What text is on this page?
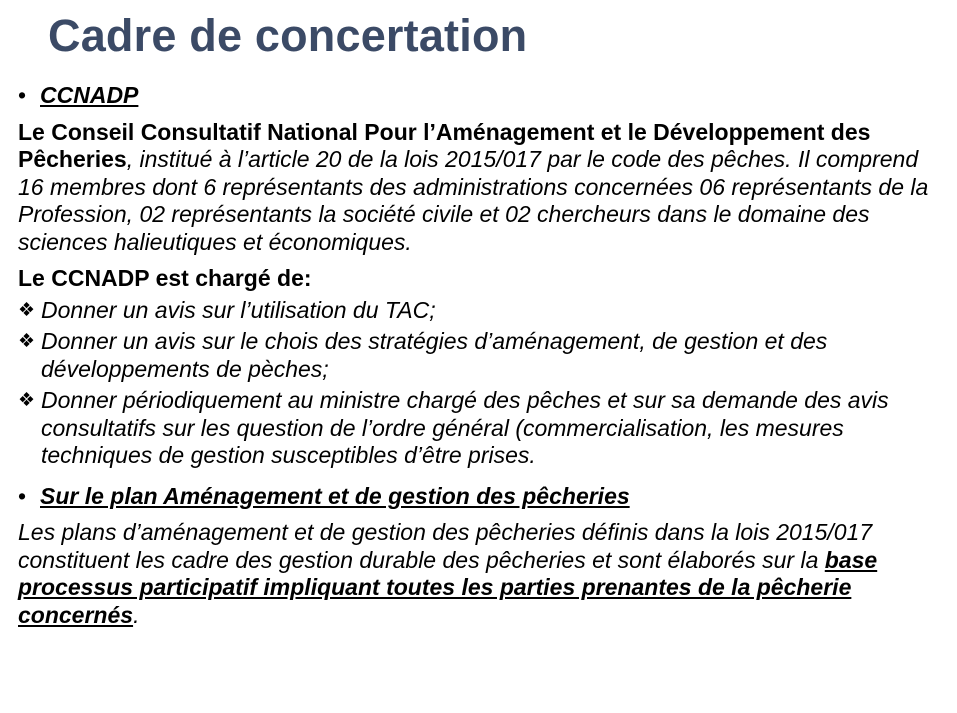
Cadre de concertation
• CCNADP

Le Conseil Consultatif National Pour l’Aménagement et le Développement des Pêcheries, institué à l’article 20 de la lois 2015/017 par le code des pêches. Il comprend 16 membres dont 6 représentants des administrations concernées 06 représentants de la Profession, 02 représentants la société civile et 02 chercheurs dans le domaine des sciences halieutiques et économiques.

Le CCNADP est chargé de:

❖ Donner un avis sur l’utilisation du TAC;
❖ Donner un avis sur le chois des stratégies d’aménagement, de gestion et des développements de pèches;
❖ Donner périodiquement au ministre chargé des pêches et sur sa demande des avis consultatifs sur les question de l’ordre général (commercialisation, les mesures techniques de gestion susceptibles d’être prises.
• Sur le plan Aménagement et de gestion des pêcheries

Les plans d’aménagement et de gestion des pêcheries définis dans la lois 2015/017 constituent les cadre des gestion durable des pêcheries et sont élaborés sur la base processus participatif impliquant toutes les parties prenantes de la pêcherie concernés.
